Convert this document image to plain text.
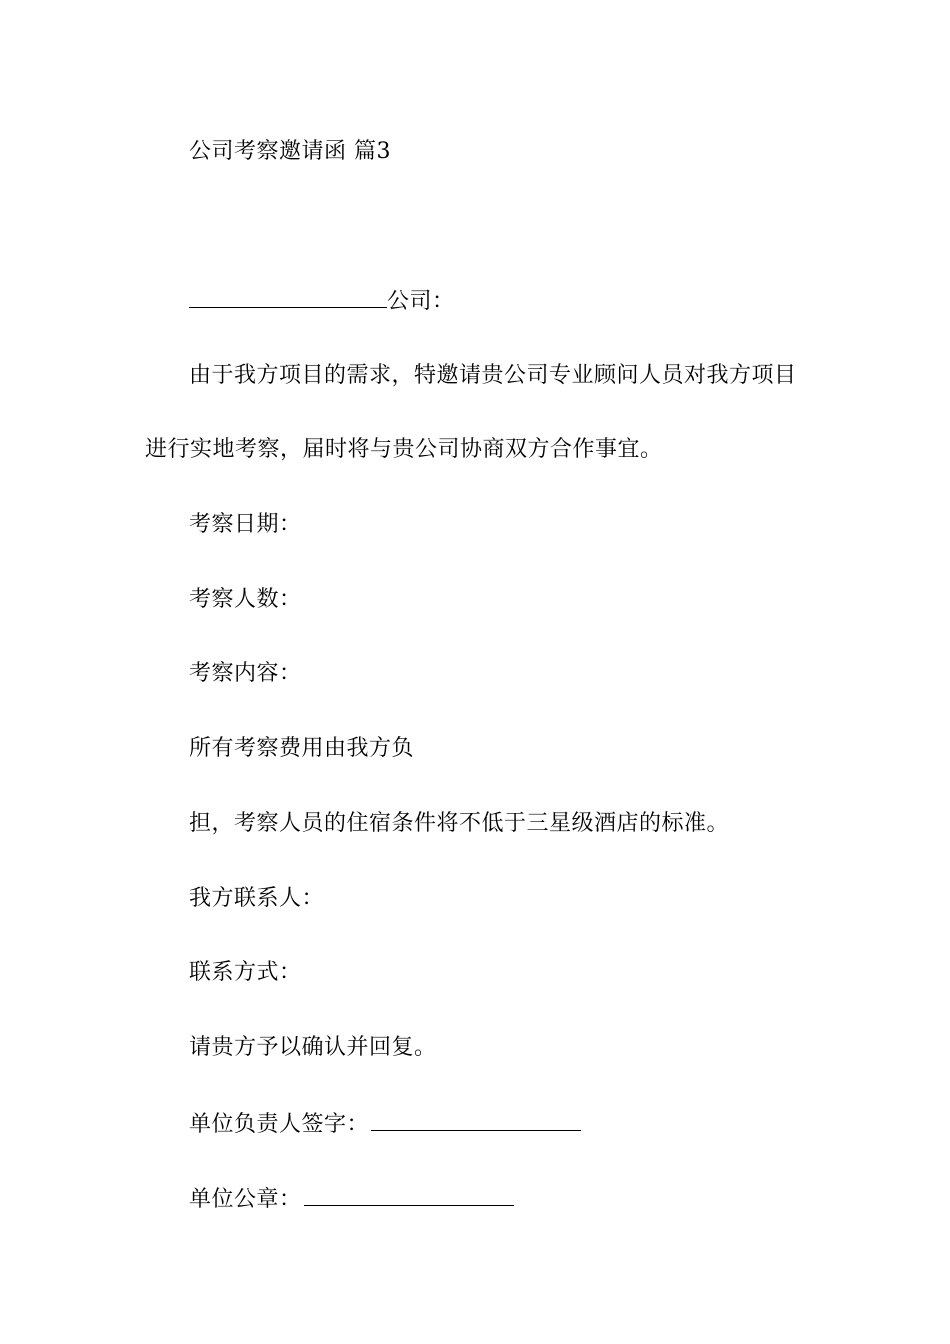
公司考察邀请函 篇3
公司：
由于我方项目的需求，特邀请贵公司专业顾问人员对我方项目
进行实地考察，届时将与贵公司协商双方合作事宜。
考察日期：
考察人数：
考察内容：
所有考察费用由我方负
担，考察人员的住宿条件将不低于三星级酒店的标准。
我方联系人：
联系方式：
请贵方予以确认并回复。
单位负责人签字：
单位公章：
